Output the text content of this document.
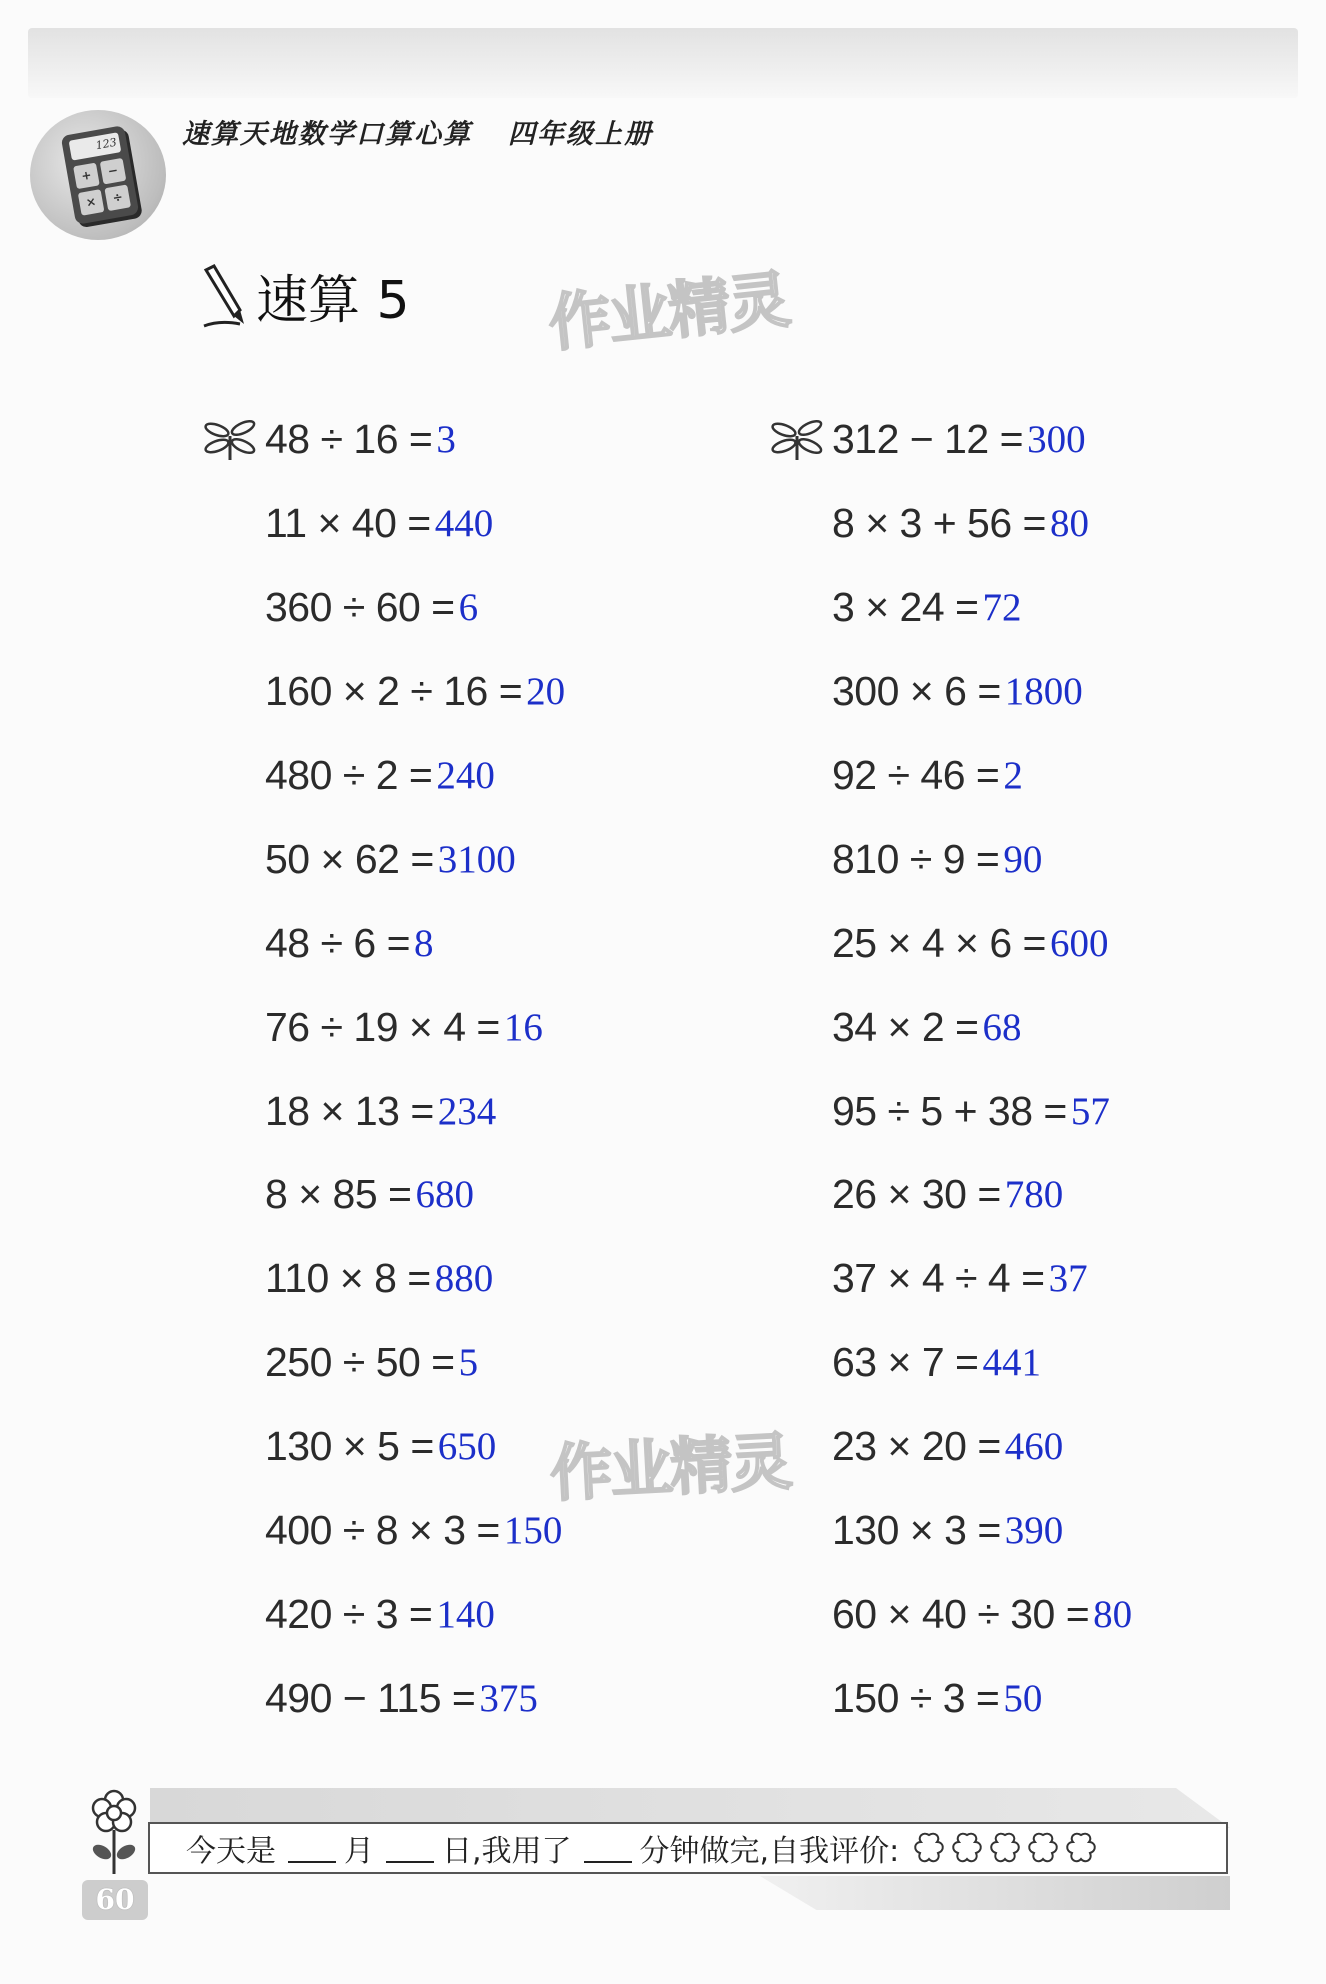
123
+	−
×	÷
速算天地数学口算心算 四年级上册
速算 5 作业精灵
作业精灵
48 ÷ 16 = 3
11 × 40 = 440
360 ÷ 60 = 6
160 × 2 ÷ 16 = 20
480 ÷ 2 = 240
50 × 62 = 3100
48 ÷ 6 = 8
76 ÷ 19 × 4 = 16
18 × 13 = 234
8 × 85 = 680
110 × 8 = 880
250 ÷ 50 = 5
130 × 5 = 650
400 ÷ 8 × 3 = 150
420 ÷ 3 = 140
490 − 115 = 375
312 − 12 = 300
8 × 3 + 56 = 80
3 × 24 = 72
300 × 6 = 1800
92 ÷ 46 = 2
810 ÷ 9 = 90
25 × 4 × 6 = 600
34 × 2 = 68
95 ÷ 5 + 38 = 57
26 × 30 = 780
37 × 4 ÷ 4 = 37
63 × 7 = 441
23 × 20 = 460
130 × 3 = 390
60 × 40 ÷ 30 = 80
150 ÷ 3 = 50
今天是 月 日,我用了 分钟做完,自我评价:
60
